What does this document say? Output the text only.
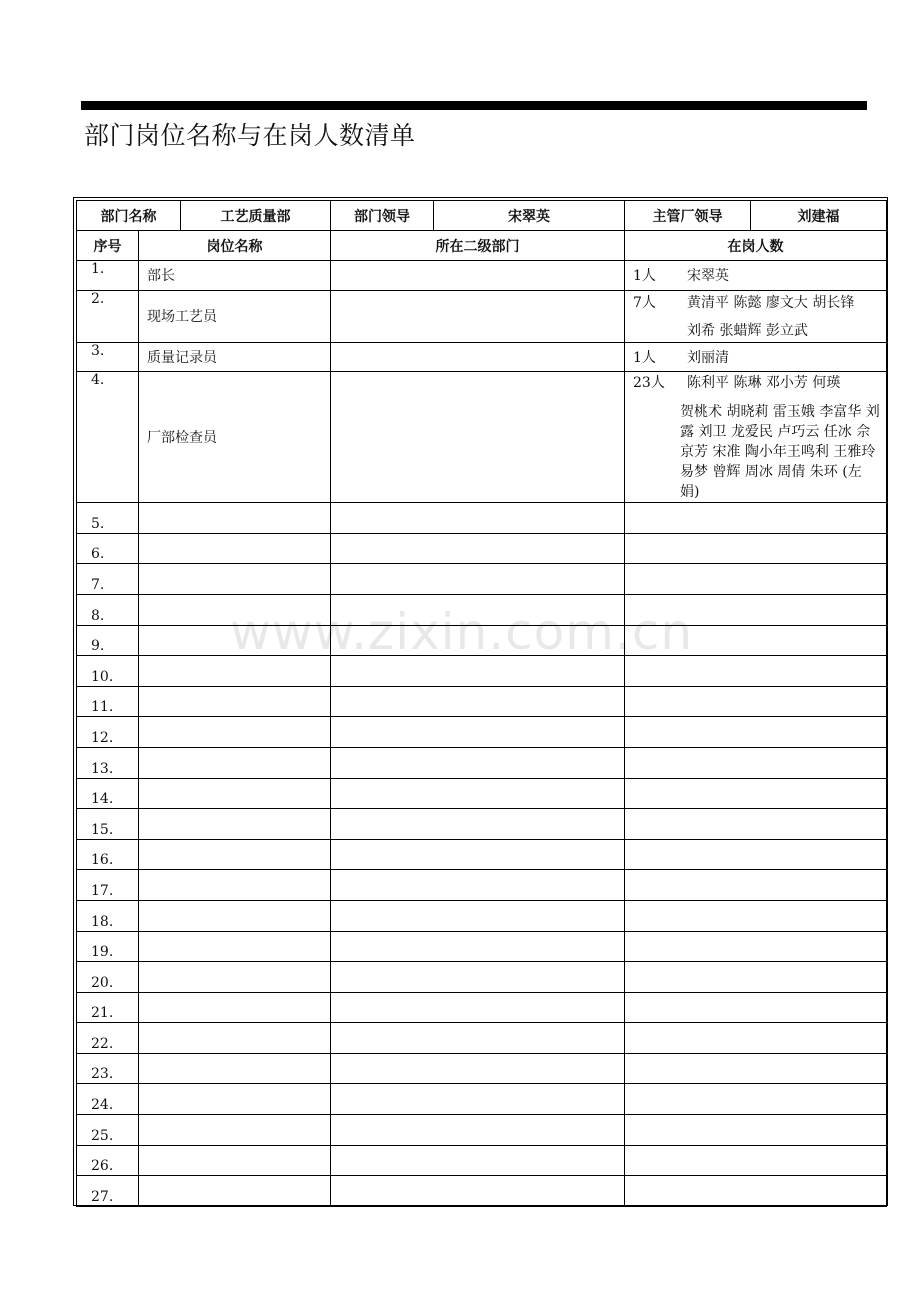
部门岗位名称与在岗人数清单
部门名称		工艺质量部	部门领导	宋翠英	主管厂领导	刘建福
序号	岗位名称		所在二级部门		在岗人数	
1.	部长				1人 宋翠英	

2.	现场工艺员				7人 黄清平 陈懿 廖文大 胡长锋
刘希 张蜡辉 彭立武	

3.	质量记录员				1人 刘丽清	

4.	厂部检查员				23人 陈利平 陈琳 邓小芳 何瑛
贺桃术 胡晓莉 雷玉娥 李富华 刘露 刘卫 龙爱民 卢巧云 任冰 佘京芳 宋准 陶小年王鸣利 王雅玲 易梦 曾辉 周冰 周倩 朱环 (左娟)	

5.						
6.						
7.						
8.						
9.						
10.						
11.						
12.						
13.						
14.						
15.						
16.						
17.						
18.						
19.						
20.						
21.						
22.						
23.						
24.						
25.						
26.						
27.						
www.zixin.com.cn
